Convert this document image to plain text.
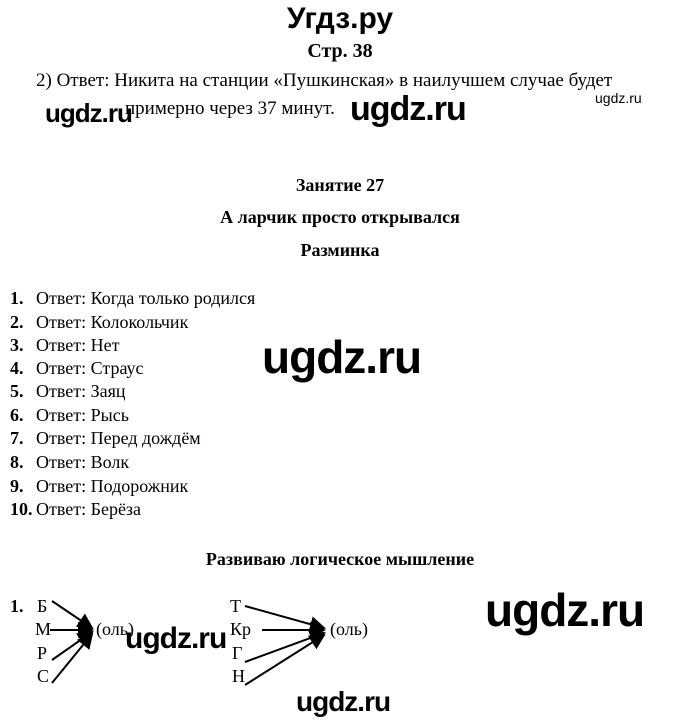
Угдз.ру
Стр. 38
2) Ответ: Никита на станции «Пушкинская» в наилучшем случае будет
примерно через 37 минут.
Занятие 27
А ларчик просто открывался
Разминка
1. Ответ: Когда только родился
2. Ответ: Колокольчик
3. Ответ: Нет
4. Ответ: Страус
5. Ответ: Заяц
6. Ответ: Рысь
7. Ответ: Перед дождём
8. Ответ: Волк
9. Ответ: Подорожник
10. Ответ: Берёза
Развиваю логическое мышление
1. Б
М
Р
С
(оль)
Т
Кр
Г
Н
(оль)
ugdz.ru	ugdz.ru	ugdz.ru
ugdz.ru
ugdz.ru
ugdz.ru
ugdz.ru
